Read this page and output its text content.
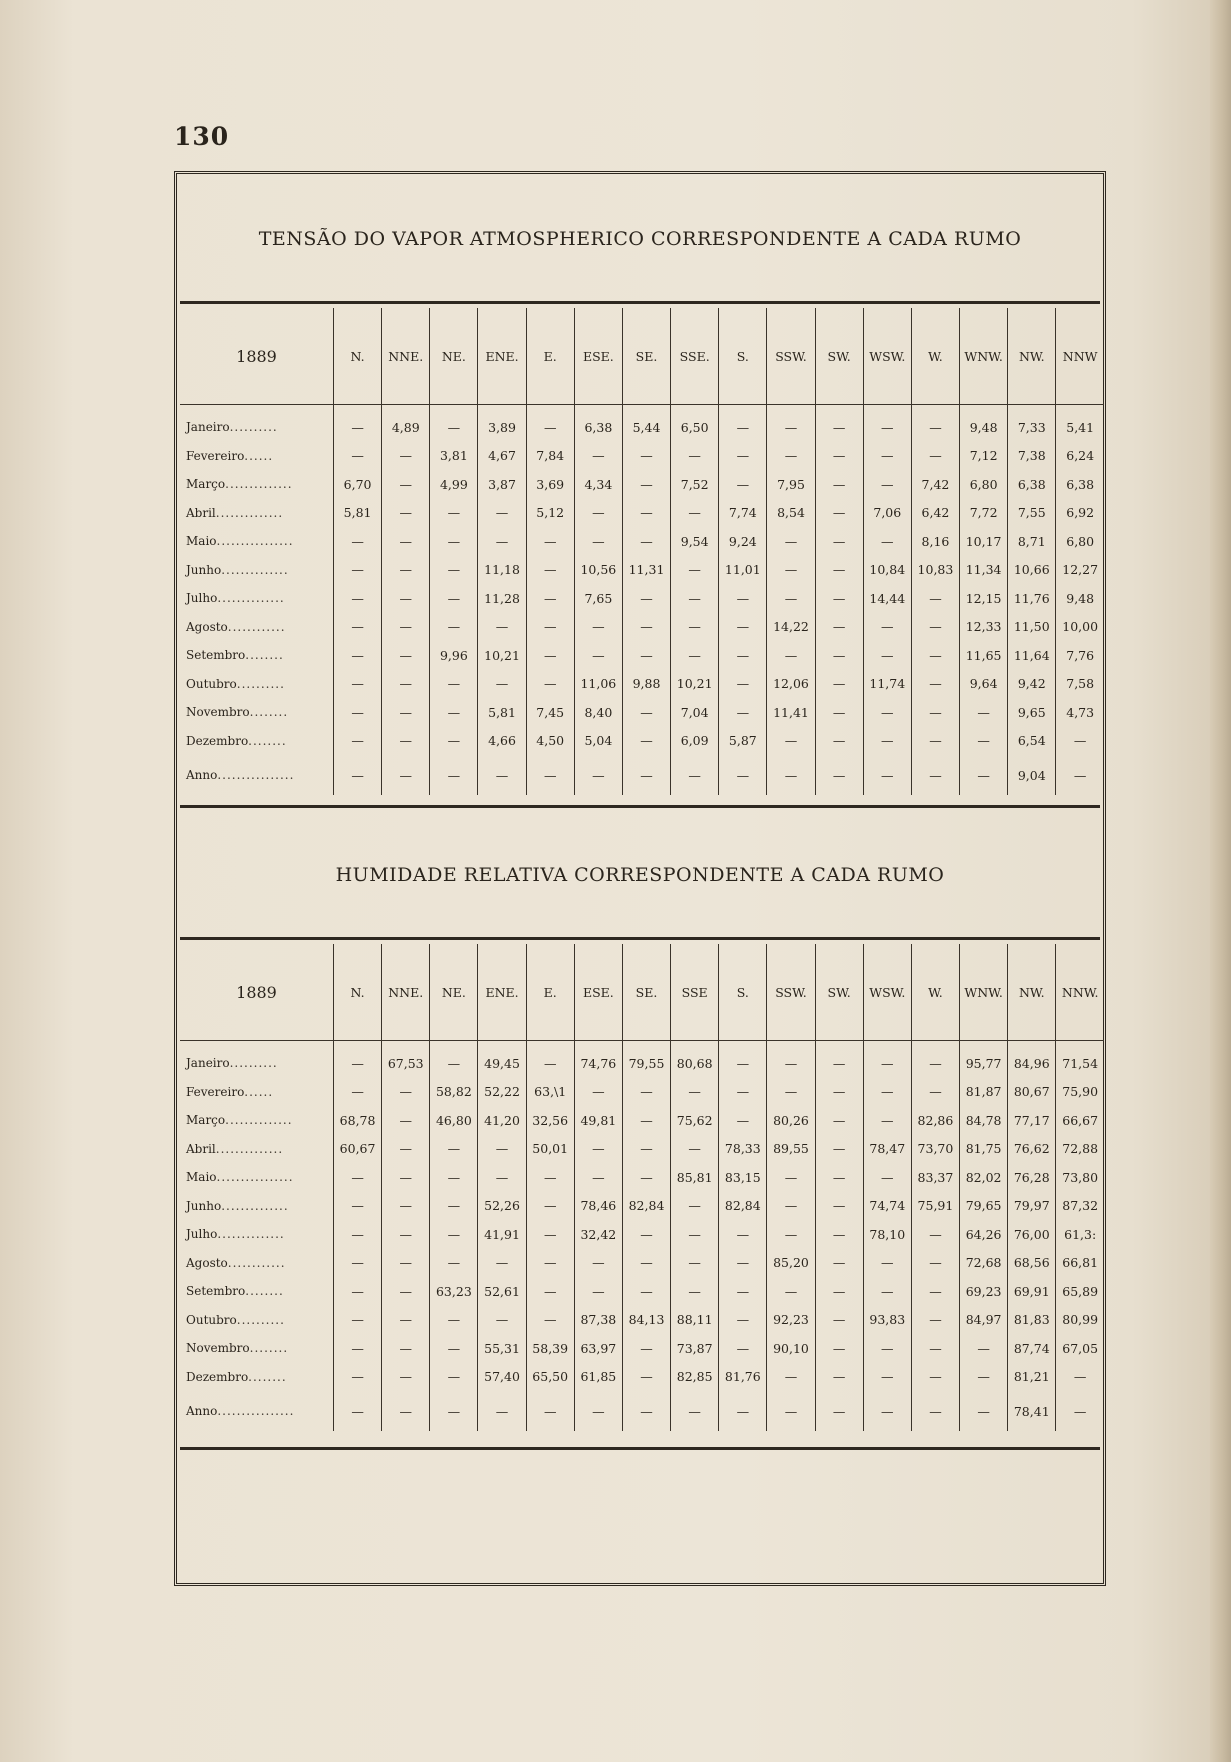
130
TENSÃO DO VAPOR ATMOSPHERICO CORRESPONDENTE A CADA RUMO
1889	N.	NNE.	NE.	ENE.	E.	ESE.	SE.	SSE.	S.	SSW.	SW.	WSW.	W.	WNW.	NW.	NNW
Janeiro..........	—	4,89	—	3,89	—	6,38	5,44	6,50	—	—	—	—	—	9,48	7,33	5,41
Fevereiro......	—	—	3,81	4,67	7,84	—	—	—	—	—	—	—	—	7,12	7,38	6,24
Março..............	6,70	—	4,99	3,87	3,69	4,34	—	7,52	—	7,95	—	—	7,42	6,80	6,38	6,38
Abril..............	5,81	—	—	—	5,12	—	—	—	7,74	8,54	—	7,06	6,42	7,72	7,55	6,92
Maio................	—	—	—	—	—	—	—	9,54	9,24	—	—	—	8,16	10,17	8,71	6,80
Junho..............	—	—	—	11,18	—	10,56	11,31	—	11,01	—	—	10,84	10,83	11,34	10,66	12,27
Julho..............	—	—	—	11,28	—	7,65	—	—	—	—	—	14,44	—	12,15	11,76	9,48
Agosto............	—	—	—	—	—	—	—	—	—	14,22	—	—	—	12,33	11,50	10,00
Setembro........	—	—	9,96	10,21	—	—	—	—	—	—	—	—	—	11,65	11,64	7,76
Outubro..........	—	—	—	—	—	11,06	9,88	10,21	—	12,06	—	11,74	—	9,64	9,42	7,58
Novembro........	—	—	—	5,81	7,45	8,40	—	7,04	—	11,41	—	—	—	—	9,65	4,73
Dezembro........	—	—	—	4,66	4,50	5,04	—	6,09	5,87	—	—	—	—	—	6,54	—
Anno................	—	—	—	—	—	—	—	—	—	—	—	—	—	—	9,04	—
HUMIDADE RELATIVA CORRESPONDENTE A CADA RUMO
1889	N.	NNE.	NE.	ENE.	E.	ESE.	SE.	SSE	S.	SSW.	SW.	WSW.	W.	WNW.	NW.	NNW.
Janeiro..........	—	67,53	—	49,45	—	74,76	79,55	80,68	—	—	—	—	—	95,77	84,96	71,54
Fevereiro......	—	—	58,82	52,22	63,\1	—	—	—	—	—	—	—	—	81,87	80,67	75,90
Março..............	68,78	—	46,80	41,20	32,56	49,81	—	75,62	—	80,26	—	—	82,86	84,78	77,17	66,67
Abril..............	60,67	—	—	—	50,01	—	—	—	78,33	89,55	—	78,47	73,70	81,75	76,62	72,88
Maio................	—	—	—	—	—	—	—	85,81	83,15	—	—	—	83,37	82,02	76,28	73,80
Junho..............	—	—	—	52,26	—	78,46	82,84	—	82,84	—	—	74,74	75,91	79,65	79,97	87,32
Julho..............	—	—	—	41,91	—	32,42	—	—	—	—	—	78,10	—	64,26	76,00	61,3:
Agosto............	—	—	—	—	—	—	—	—	—	85,20	—	—	—	72,68	68,56	66,81
Setembro........	—	—	63,23	52,61	—	—	—	—	—	—	—	—	—	69,23	69,91	65,89
Outubro..........	—	—	—	—	—	87,38	84,13	88,11	—	92,23	—	93,83	—	84,97	81,83	80,99
Novembro........	—	—	—	55,31	58,39	63,97	—	73,87	—	90,10	—	—	—	—	87,74	67,05
Dezembro........	—	—	—	57,40	65,50	61,85	—	82,85	81,76	—	—	—	—	—	81,21	—
Anno................	—	—	—	—	—	—	—	—	—	—	—	—	—	—	78,41	—
